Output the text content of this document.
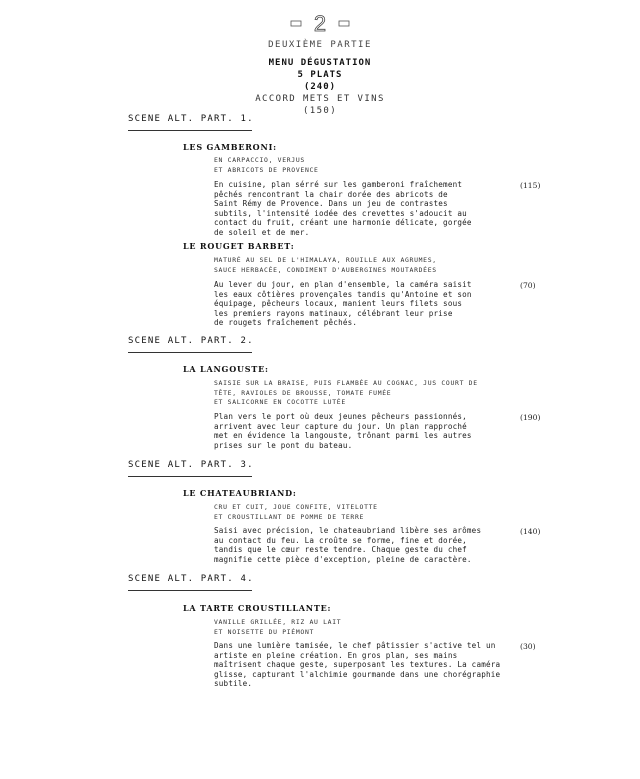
2
DEUXIÈME PARTIE
MENU DÉGUSTATION
5 PLATS
(240)
ACCORD METS ET VINS
(150)
SCENE ALT. PART. 1.
LES GAMBERONI:
EN CARPACCIO, VERJUS
ET ABRICOTS DE PROVENCE
En cuisine, plan sérré sur les gamberoni fraîchement
pêchés rencontrant la chair dorée des abricots de
Saint Rémy de Provence. Dans un jeu de contrastes
subtils, l'intensité iodée des crevettes s'adoucit au
contact du fruit, créant une harmonie délicate, gorgée
de soleil et de mer.
(115)
LE ROUGET BARBET:
MATURÉ AU SEL DE L'HIMALAYA, ROUILLE AUX AGRUMES,
SAUCE HERBACÉE, CONDIMENT D'AUBERGINES MOUTARDÉES
Au lever du jour, en plan d'ensemble, la caméra saisit
les eaux côtières provençales tandis qu'Antoine et son
équipage, pêcheurs locaux, manient leurs filets sous
les premiers rayons matinaux, célébrant leur prise
de rougets fraîchement pêchés.
(70)
SCENE ALT. PART. 2.
LA LANGOUSTE:
SAISIE SUR LA BRAISE, PUIS FLAMBÉE AU COGNAC, JUS COURT DE
TÊTE, RAVIOLES DE BROUSSE, TOMATE FUMÉE
ET SALICORNE EN COCOTTE LUTÉE
Plan vers le port où deux jeunes pêcheurs passionnés,
arrivent avec leur capture du jour. Un plan rapproché
met en évidence la langouste, trônant parmi les autres
prises sur le pont du bateau.
(190)
SCENE ALT. PART. 3.
LE CHATEAUBRIAND:
CRU ET CUIT, JOUE CONFITE, VITELOTTE
ET CROUSTILLANT DE POMME DE TERRE
Saisi avec précision, le chateaubriand libère ses arômes
au contact du feu. La croûte se forme, fine et dorée,
tandis que le cœur reste tendre. Chaque geste du chef
magnifie cette pièce d'exception, pleine de caractère.
(140)
SCENE ALT. PART. 4.
LA TARTE CROUSTILLANTE:
VANILLE GRILLÉE, RIZ AU LAIT
ET NOISETTE DU PIÉMONT
Dans une lumière tamisée, le chef pâtissier s'active tel un
artiste en pleine création. En gros plan, ses mains
maîtrisent chaque geste, superposant les textures. La caméra
glisse, capturant l'alchimie gourmande dans une chorégraphie
subtile.
(30)
